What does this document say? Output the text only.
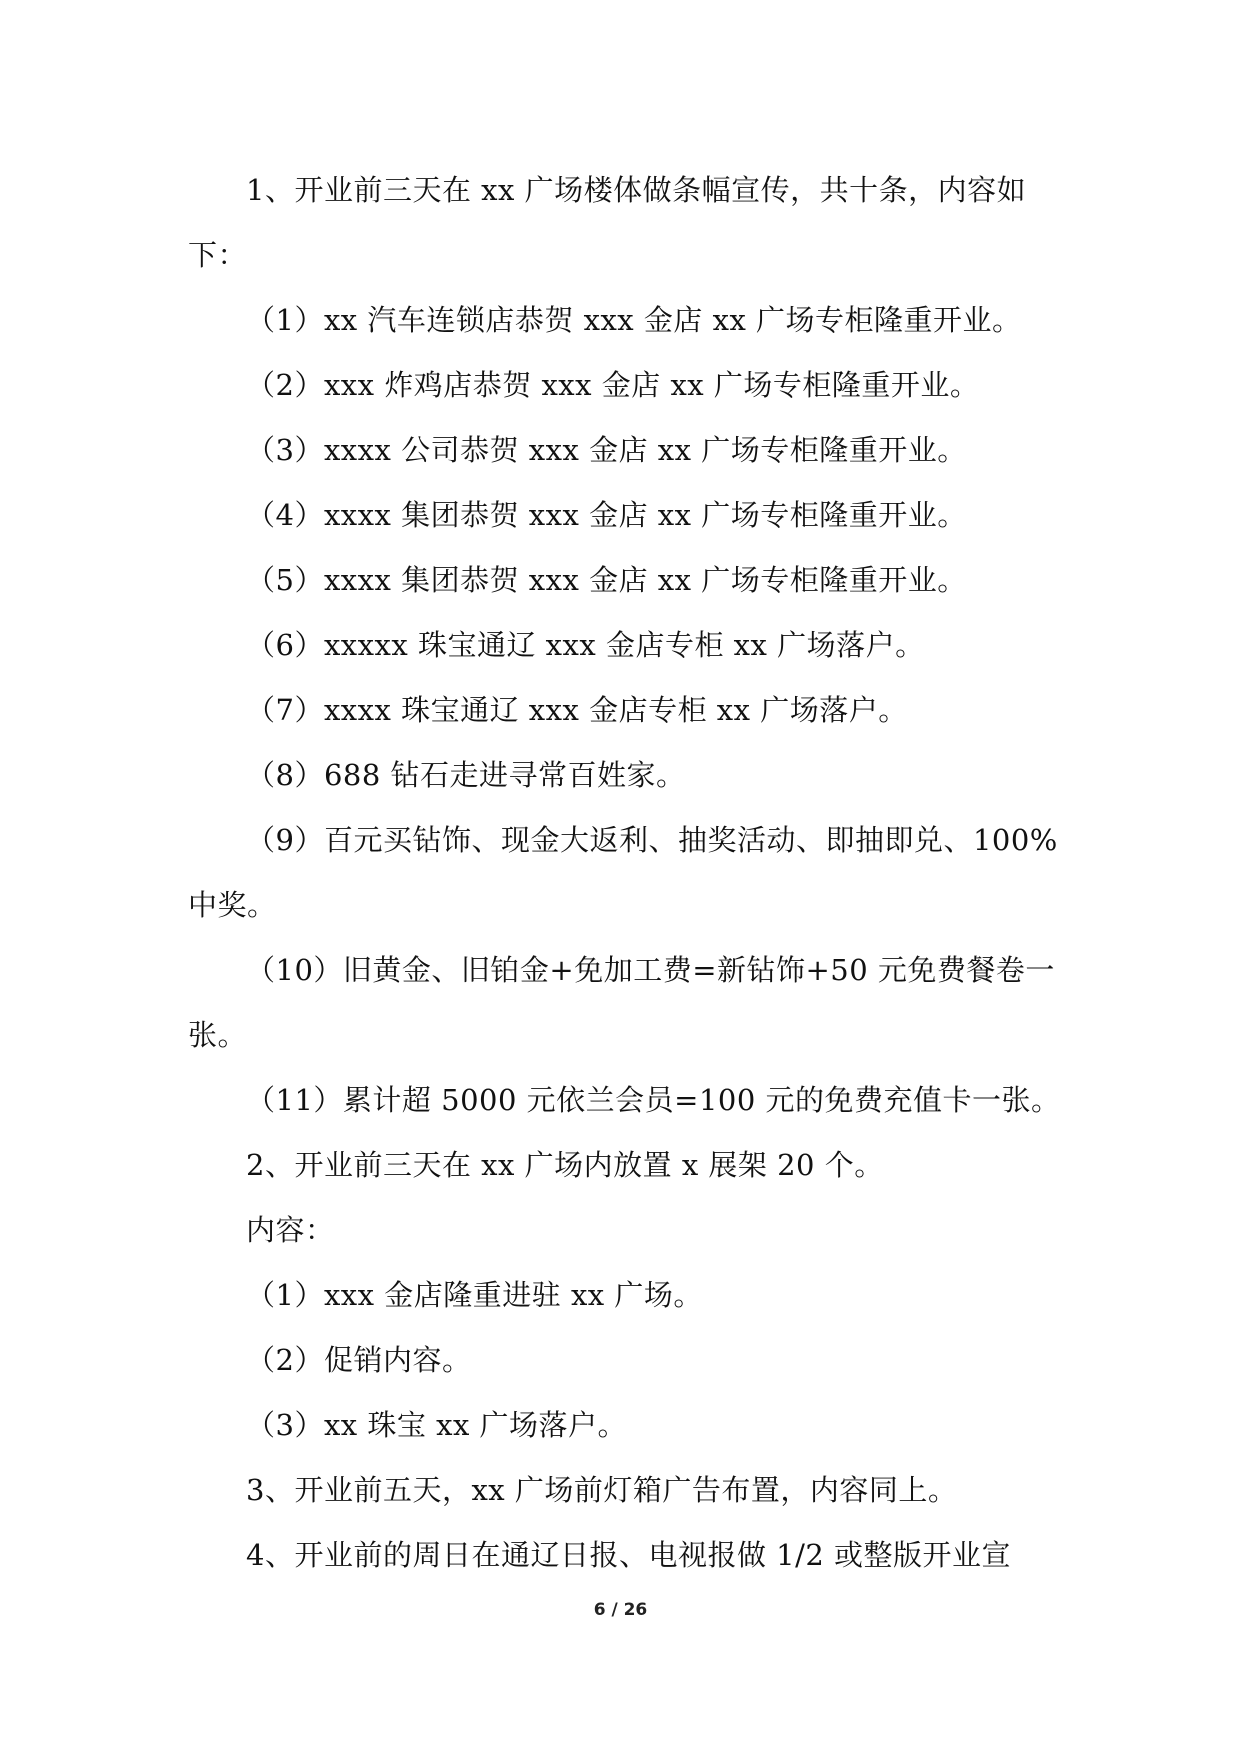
1、开业前三天在 xx 广场楼体做条幅宣传，共十条，内容如下：

（1）xx 汽车连锁店恭贺 xxx 金店 xx 广场专柜隆重开业。

（2）xxx 炸鸡店恭贺 xxx 金店 xx 广场专柜隆重开业。

（3）xxxx 公司恭贺 xxx 金店 xx 广场专柜隆重开业。

（4）xxxx 集团恭贺 xxx 金店 xx 广场专柜隆重开业。

（5）xxxx 集团恭贺 xxx 金店 xx 广场专柜隆重开业。

（6）xxxxx 珠宝通辽 xxx 金店专柜 xx 广场落户。

（7）xxxx 珠宝通辽 xxx 金店专柜 xx 广场落户。

（8）688 钻石走进寻常百姓家。

（9）百元买钻饰、现金大返利、抽奖活动、即抽即兑、100%中奖。

（10）旧黄金、旧铂金+免加工费=新钻饰+50 元免费餐卷一张。

（11）累计超 5000 元依兰会员=100 元的免费充值卡一张。

2、开业前三天在 xx 广场内放置 x 展架 20 个。

内容：

（1）xxx 金店隆重进驻 xx 广场。

（2）促销内容。

（3）xx 珠宝 xx 广场落户。

3、开业前五天，xx 广场前灯箱广告布置，内容同上。

4、开业前的周日在通辽日报、电视报做 1/2 或整版开业宣

6 / 26
